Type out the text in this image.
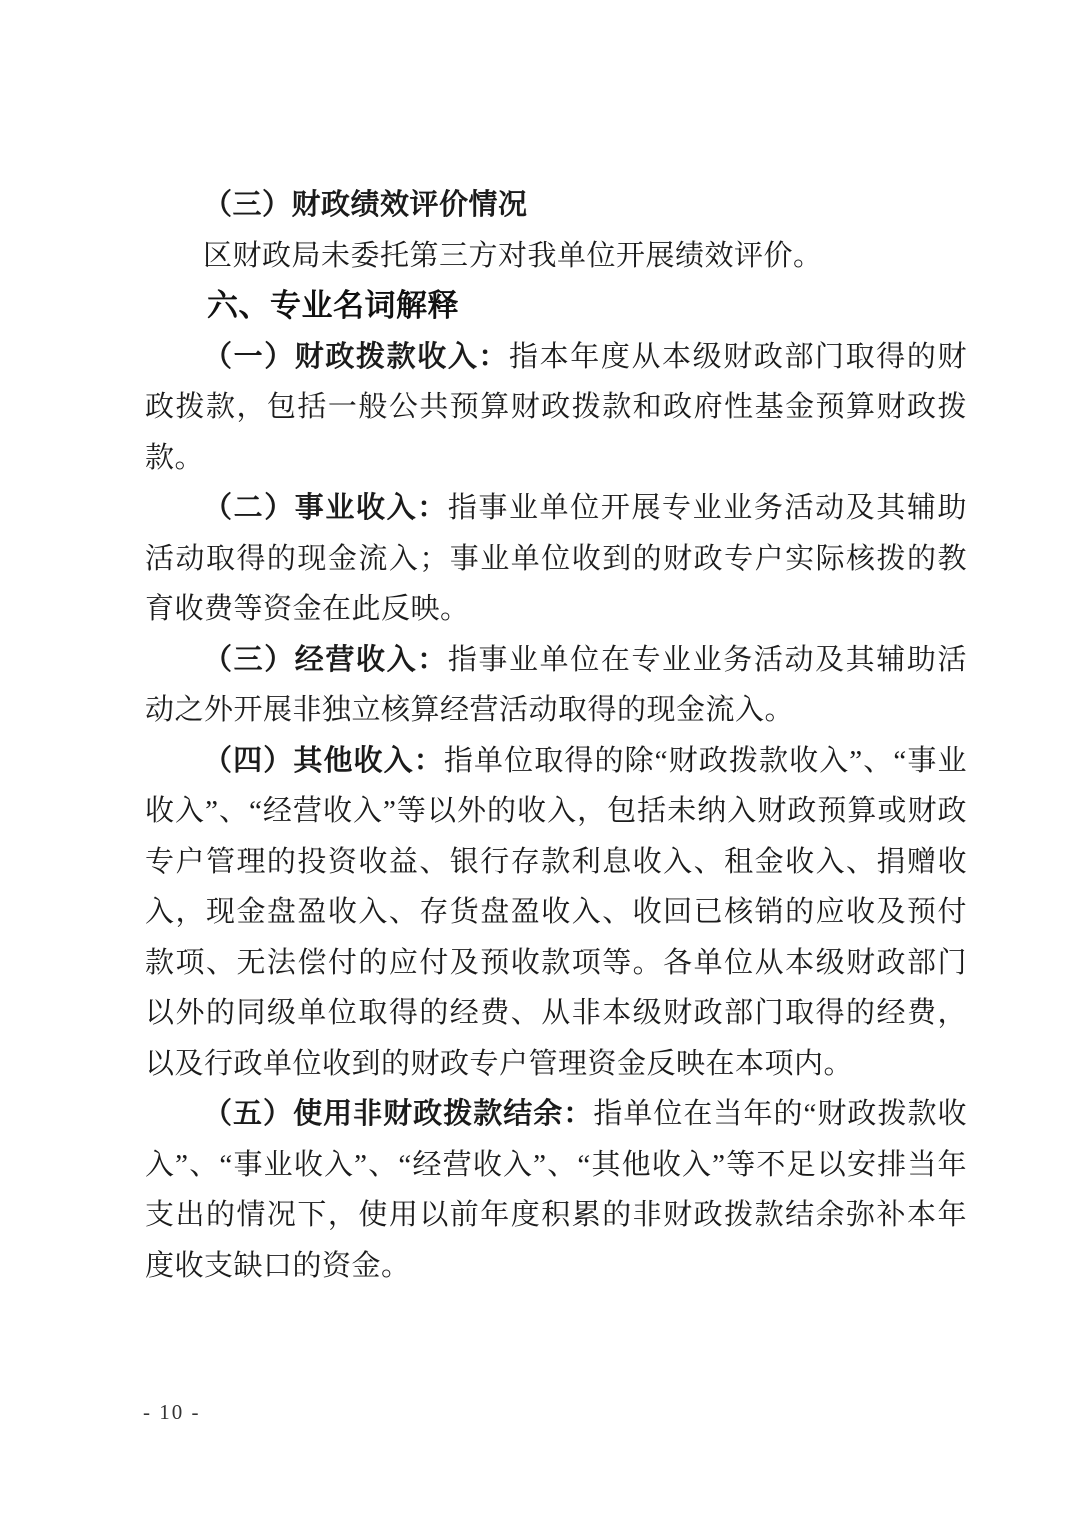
（三）财政绩效评价情况

区财政局未委托第三方对我单位开展绩效评价。

六、专业名词解释

（一）财政拨款收入：指本年度从本级财政部门取得的财政拨款，包括一般公共预算财政拨款和政府性基金预算财政拨款。

（二）事业收入：指事业单位开展专业业务活动及其辅助活动取得的现金流入；事业单位收到的财政专户实际核拨的教育收费等资金在此反映。

（三）经营收入：指事业单位在专业业务活动及其辅助活动之外开展非独立核算经营活动取得的现金流入。

（四）其他收入：指单位取得的除“财政拨款收入”、“事业收入”、“经营收入”等以外的收入，包括未纳入财政预算或财政专户管理的投资收益、银行存款利息收入、租金收入、捐赠收入，现金盘盈收入、存货盘盈收入、收回已核销的应收及预付款项、无法偿付的应付及预收款项等。各单位从本级财政部门以外的同级单位取得的经费、从非本级财政部门取得的经费，以及行政单位收到的财政专户管理资金反映在本项内。

（五）使用非财政拨款结余：指单位在当年的“财政拨款收入”、“事业收入”、“经营收入”、“其他收入”等不足以安排当年支出的情况下，使用以前年度积累的非财政拨款结余弥补本年度收支缺口的资金。

- 10 -
